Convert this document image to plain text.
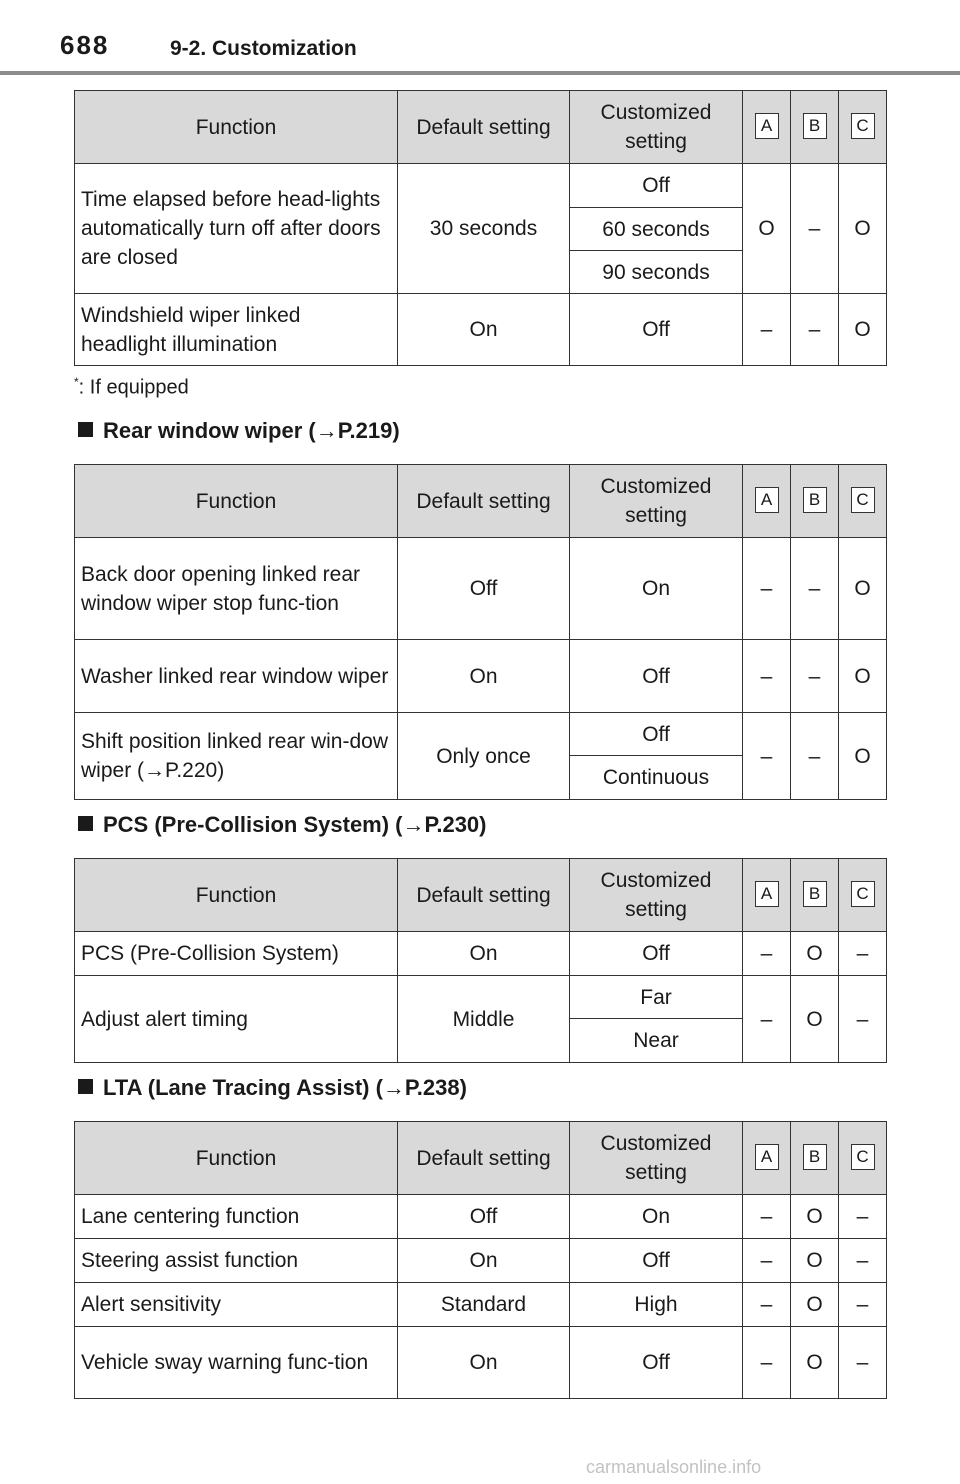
688	9-2. Customization
Function	Default setting	Customized setting	A	B	C
Time elapsed before head-lights automatically turn off after doors are closed	30 seconds	Off	O	–	O
		60 seconds			
		90 seconds			
Windshield wiper linked headlight illumination	On	Off	–	–	O
*: If equipped
Rear window wiper (→P.219)
Function	Default setting	Customized setting	A	B	C
Back door opening linked rear window wiper stop func-tion	Off	On	–	–	O
Washer linked rear window wiper	On	Off	–	–	O
Shift position linked rear win-dow wiper (→P.220)	Only once	Off	–	–	O
		Continuous			
PCS (Pre-Collision System) (→P.230)
Function	Default setting	Customized setting	A	B	C
PCS (Pre-Collision System)	On	Off	–	O	–
Adjust alert timing	Middle	Far	–	O	–
		Near			
LTA (Lane Tracing Assist) (→P.238)
Function	Default setting	Customized setting	A	B	C
Lane centering function	Off	On	–	O	–
Steering assist function	On	Off	–	O	–
Alert sensitivity	Standard	High	–	O	–
Vehicle sway warning func-tion	On	Off	–	O	–
carmanualsonline.info
